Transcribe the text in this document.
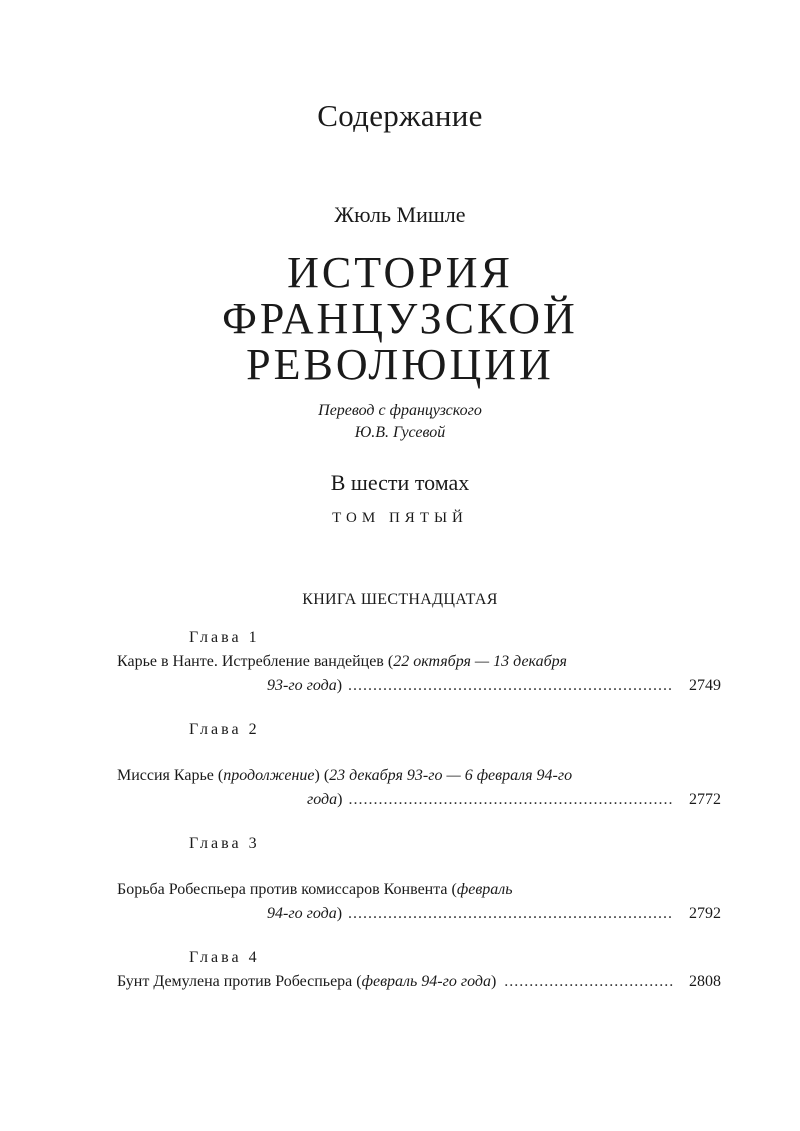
Содержание
Жюль Мишле
ИСТОРИЯ
ФРАНЦУЗСКОЙ
РЕВОЛЮЦИИ
Перевод с французского
Ю.В. Гусевой
В шести томах
ТОМ ПЯТЫЙ
КНИГА ШЕСТНАДЦАТАЯ
Глава 1
Карье в Нанте. Истребление вандейцев (22 октября — 13 декабря
93-го года) .....	2749
Глава 2
Миссия Карье (продолжение) (23 декабря 93-го — 6 февраля 94-го
года) .....	2772
Глава 3
Борьба Робеспьера против комиссаров Конвента (февраль
94-го года) .....	2792
Глава 4
Бунт Демулена против Робеспьера (февраль 94-го года) .....	2808
